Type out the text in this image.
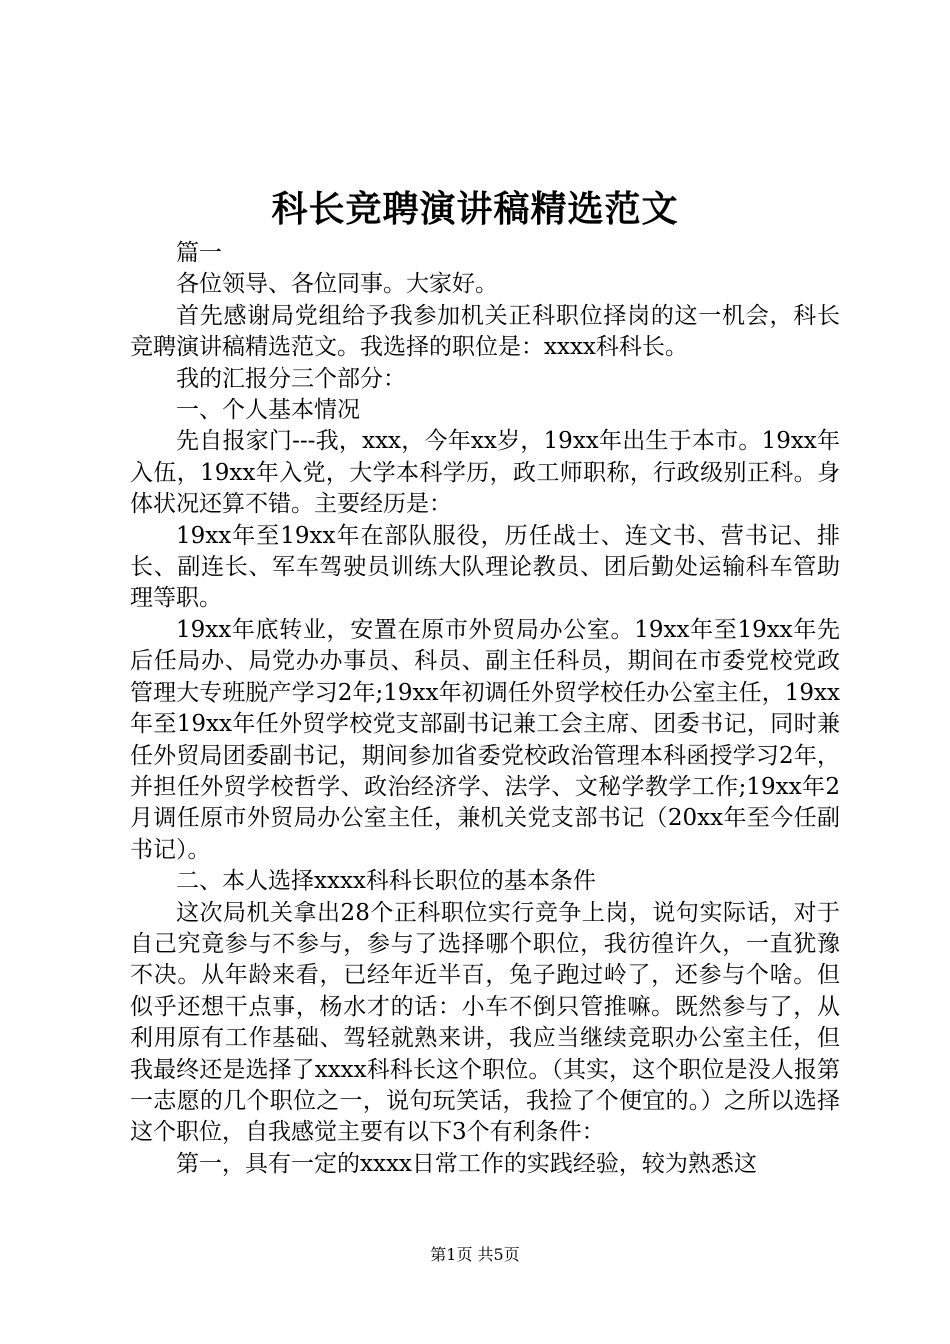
科长竞聘演讲稿精选范文

篇一

各位领导、各位同事。大家好。

首先感谢局党组给予我参加机关正科职位择岗的这一机会，科长竞聘演讲稿精选范文。我选择的职位是：xxxx科科长。

我的汇报分三个部分：

一、个人基本情况

先自报家门---我，xxx，今年xx岁，19xx年出生于本市。19xx年入伍，19xx年入党，大学本科学历，政工师职称，行政级别正科。身体状况还算不错。主要经历是：

19xx年至19xx年在部队服役，历任战士、连文书、营书记、排长、副连长、军车驾驶员训练大队理论教员、团后勤处运输科车管助理等职。

19xx年底转业，安置在原市外贸局办公室。19xx年至19xx年先后任局办、局党办办事员、科员、副主任科员，期间在市委党校党政管理大专班脱产学习2年;19xx年初调任外贸学校任办公室主任，19xx年至19xx年任外贸学校党支部副书记兼工会主席、团委书记，同时兼任外贸局团委副书记，期间参加省委党校政治管理本科函授学习2年，并担任外贸学校哲学、政治经济学、法学、文秘学教学工作;19xx年2月调任原市外贸局办公室主任，兼机关党支部书记（20xx年至今任副书记）。

二、本人选择xxxx科科长职位的基本条件

这次局机关拿出28个正科职位实行竞争上岗，说句实际话，对于自己究竟参与不参与，参与了选择哪个职位，我彷徨许久，一直犹豫不决。从年龄来看，已经年近半百，兔子跑过岭了，还参与个啥。但似乎还想干点事，杨水才的话：小车不倒只管推嘛。既然参与了，从利用原有工作基础、驾轻就熟来讲，我应当继续竞职办公室主任，但我最终还是选择了xxxx科科长这个职位。（其实，这个职位是没人报第一志愿的几个职位之一，说句玩笑话，我捡了个便宜的。）之所以选择这个职位，自我感觉主要有以下3个有利条件：

第一，具有一定的xxxx日常工作的实践经验，较为熟悉这

第1页 共5页
